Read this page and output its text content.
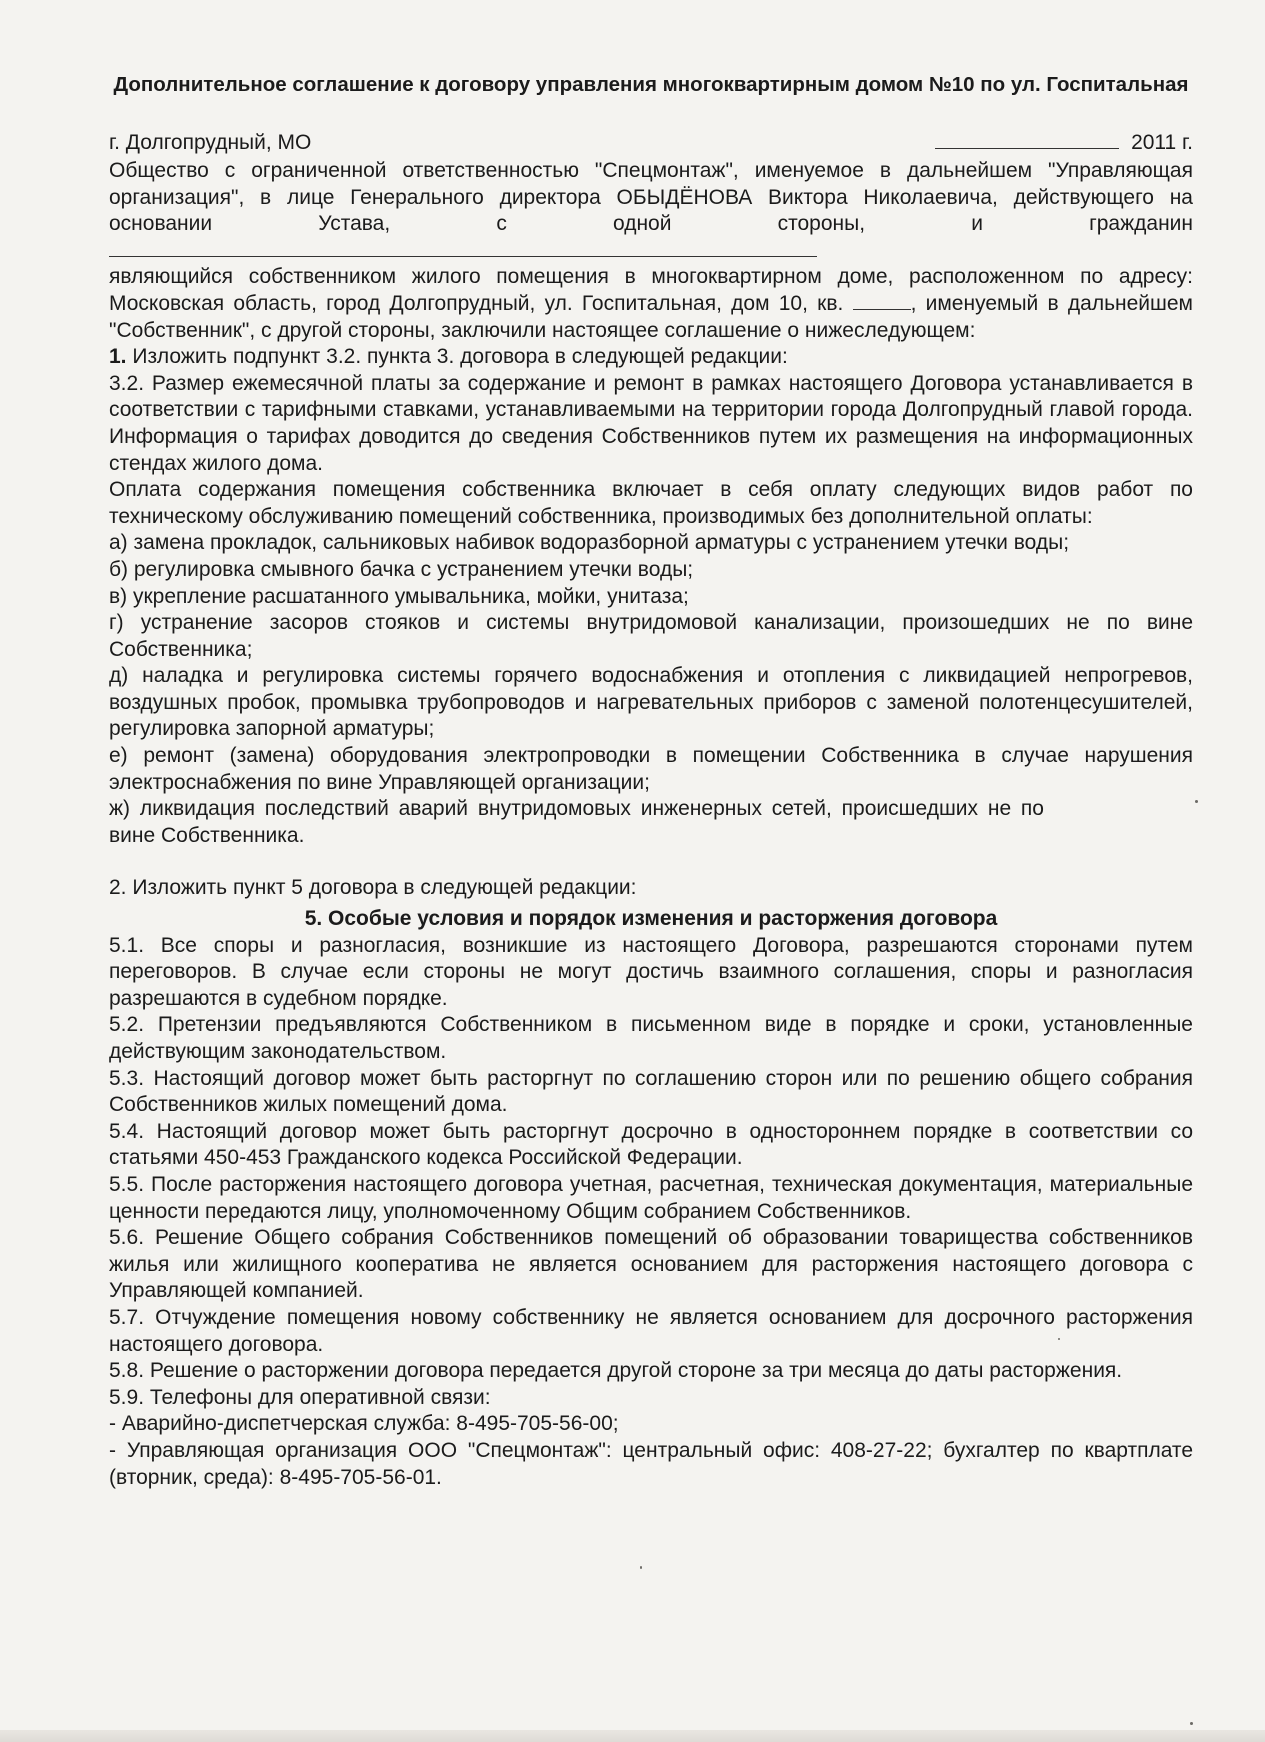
Дополнительное соглашение к договору управления многоквартирным домом №10 по ул. Госпитальная
г. Долгопрудный, МО	2011 г.

Общество с ограниченной ответственностью "Спецмонтаж", именуемое в дальнейшем "Управляющая организация", в лице Генерального директора ОБЫДЁНОВА Виктора Николаевича, действующего на основании Устава, с одной стороны, и гражданин
являющийся собственником жилого помещения в многоквартирном доме, расположенном по адресу: Московская область, город Долгопрудный, ул. Госпитальная, дом 10, кв.	, именуемый в дальнейшем "Собственник", с другой стороны, заключили настоящее соглашение о нижеследующем:

1. Изложить подпункт 3.2. пункта 3. договора в следующей редакции:

3.2. Размер ежемесячной платы за содержание и ремонт в рамках настоящего Договора устанавливается в соответствии с тарифными ставками, устанавливаемыми на территории города Долгопрудный главой города. Информация о тарифах доводится до сведения Собственников путем их размещения на информационных стендах жилого дома.

Оплата содержания помещения собственника включает в себя оплату следующих видов работ по техническому обслуживанию помещений собственника, производимых без дополнительной оплаты:

а) замена прокладок, сальниковых набивок водоразборной арматуры с устранением утечки воды;

б) регулировка смывного бачка с устранением утечки воды;

в) укрепление расшатанного умывальника, мойки, унитаза;

г) устранение засоров стояков и системы внутридомовой канализации, произошедших не по вине Собственника;

д) наладка и регулировка системы горячего водоснабжения и отопления с ликвидацией непрогревов, воздушных пробок, промывка трубопроводов и нагревательных приборов с заменой полотенцесушителей, регулировка запорной арматуры;

е) ремонт (замена) оборудования электропроводки в помещении Собственника в случае нарушения электроснабжения по вине Управляющей организации;

ж) ликвидация последствий аварий внутридомовых инженерных сетей, происшедших не по вине Собственника.

2. Изложить пункт 5 договора в следующей редакции:

5. Особые условия и порядок изменения и расторжения договора

5.1. Все споры и разногласия, возникшие из настоящего Договора, разрешаются сторонами путем переговоров. В случае если стороны не могут достичь взаимного соглашения, споры и разногласия разрешаются в судебном порядке.

5.2. Претензии предъявляются Собственником в письменном виде в порядке и сроки, установленные действующим законодательством.

5.3. Настоящий договор может быть расторгнут по соглашению сторон или по решению общего собрания Собственников жилых помещений дома.

5.4. Настоящий договор может быть расторгнут досрочно в одностороннем порядке в соответствии со статьями 450-453 Гражданского кодекса Российской Федерации.

5.5. После расторжения настоящего договора учетная, расчетная, техническая документация, материальные ценности передаются лицу, уполномоченному Общим собранием Собственников.

5.6. Решение Общего собрания Собственников помещений об образовании товарищества собственников жилья или жилищного кооператива не является основанием для расторжения настоящего договора с Управляющей компанией.

5.7. Отчуждение помещения новому собственнику не является основанием для досрочного расторжения настоящего договора.

5.8. Решение о расторжении договора передается другой стороне за три месяца до даты расторжения.

5.9. Телефоны для оперативной связи:

- Аварийно-диспетчерская служба: 8-495-705-56-00;

- Управляющая организация ООО "Спецмонтаж": центральный офис: 408-27-22; бухгалтер по квартплате (вторник, среда): 8-495-705-56-01.
